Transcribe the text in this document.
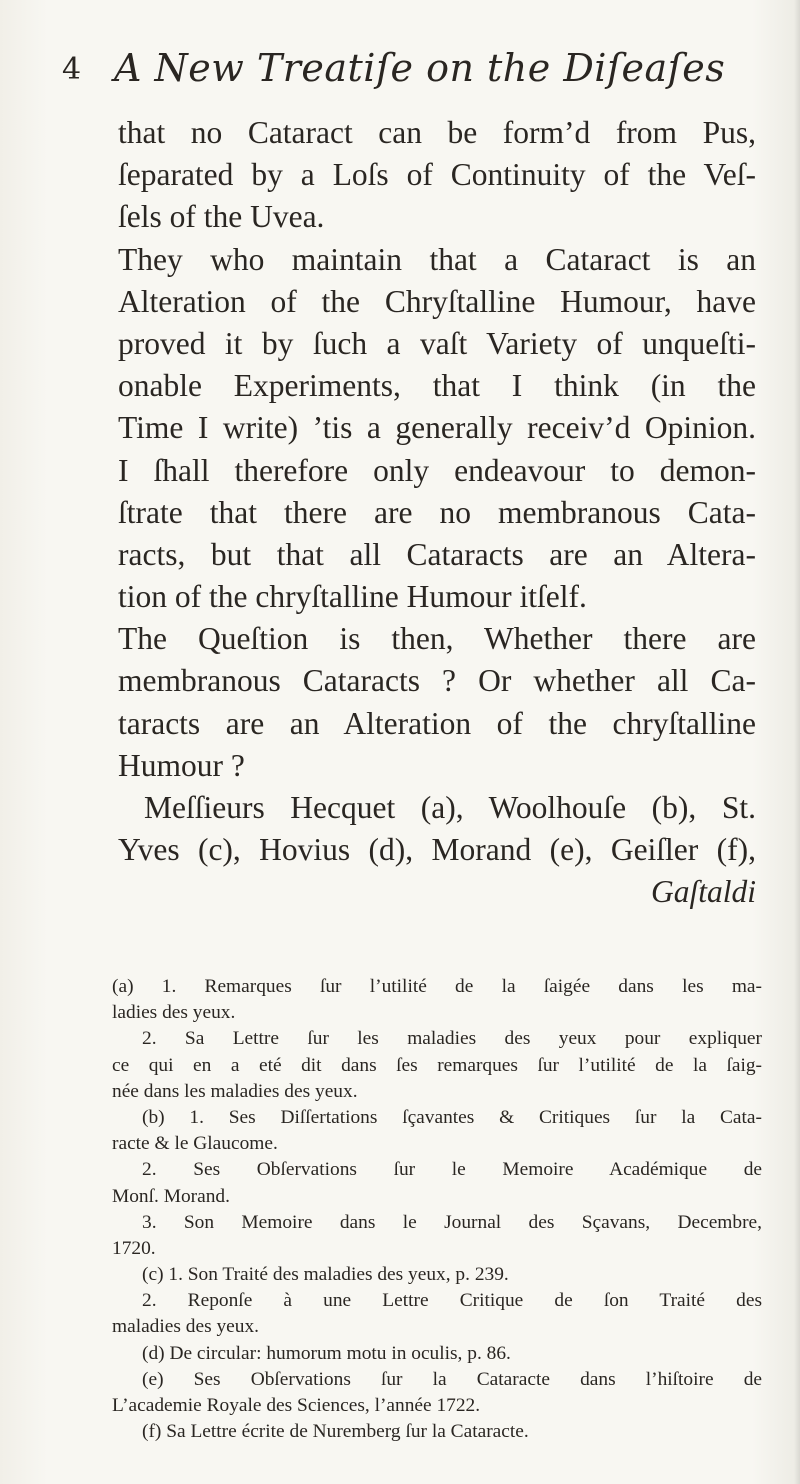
4 A New Treatiſe on the Diſeaſes
that no Cataract can be form’d from Pus,
ſeparated by a Loſs of Continuity of the Veſ-
ſels of the Uvea.
They who maintain that a Cataract is an
Alteration of the Chryſtalline Humour, have
proved it by ſuch a vaſt Variety of unqueſti-
onable Experiments, that I think (in the
Time I write) ’tis a generally receiv’d Opinion.
I ſhall therefore only endeavour to demon-
ſtrate that there are no membranous Cata-
racts, but that all Cataracts are an Altera-
tion of the chryſtalline Humour itſelf.
The Queſtion is then, Whether there are
membranous Cataracts ? Or whether all Ca-
taracts are an Alteration of the chryſtalline
Humour ?
Meſſieurs Hecquet (a), Woolhouſe (b), St.
Yves (c), Hovius (d), Morand (e), Geiſler (f),
Gaſtaldi
(a) 1. Remarques ſur l’utilité de la ſaigée dans les ma-
ladies des yeux.
2. Sa Lettre ſur les maladies des yeux pour expliquer
ce qui en a eté dit dans ſes remarques ſur l’utilité de la ſaig-
née dans les maladies des yeux.
(b) 1. Ses Diſſertations ſçavantes & Critiques ſur la Cata-
racte & le Glaucome.
2. Ses Obſervations ſur le Memoire Académique de
Monſ. Morand.
3. Son Memoire dans le Journal des Sçavans, Decembre,
1720.
(c) 1. Son Traité des maladies des yeux, p. 239.
2. Reponſe à une Lettre Critique de ſon Traité des
maladies des yeux.
(d) De circular: humorum motu in oculis, p. 86.
(e) Ses Obſervations ſur la Cataracte dans l’hiſtoire de
L’academie Royale des Sciences, l’année 1722.
(f) Sa Lettre écrite de Nuremberg ſur la Cataracte.
